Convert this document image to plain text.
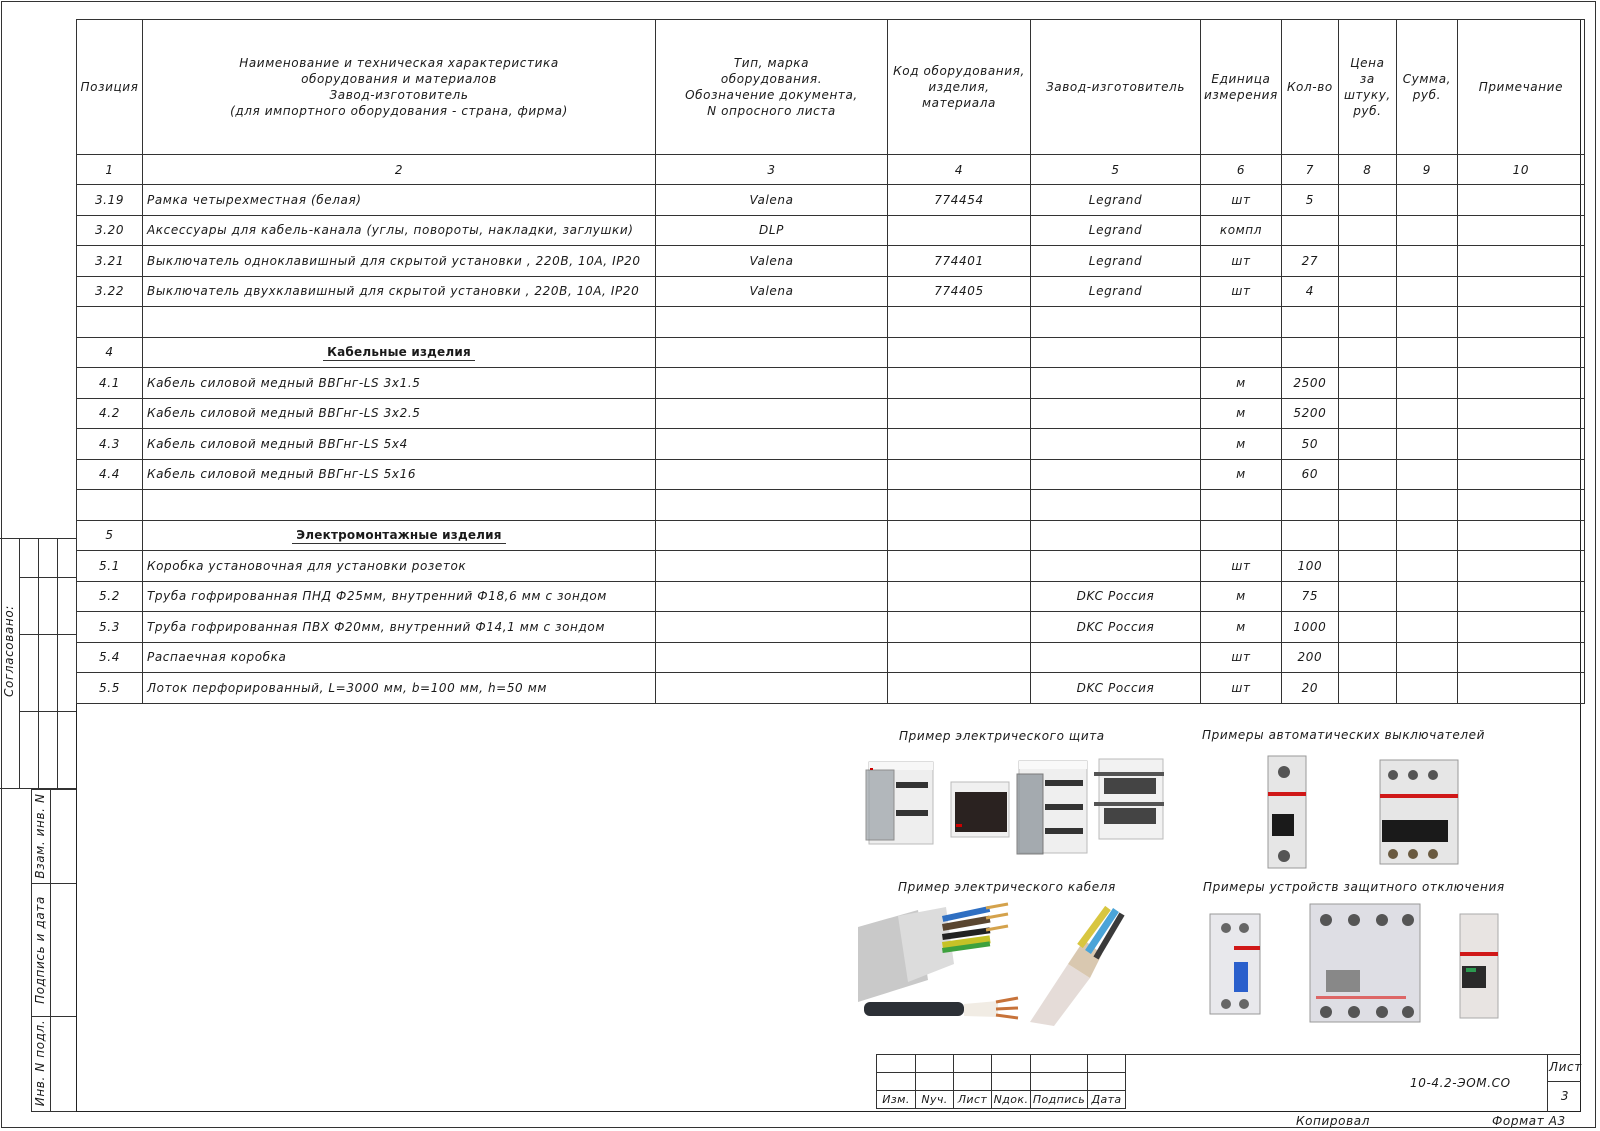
Позиция	Наименование и техническая характеристика
оборудования и материалов
Завод-изготовитель
(для импортного оборудования - страна, фирма)	Тип, марка
оборудования.
Обозначение документа,
N опросного листа	Код оборудования,
изделия,
материала	Завод-изготовитель	Единица
измерения	Кол-во	Цена за
штуку,
руб.	Сумма,
руб.	Примечание
1	2	3	4	5	6	7	8	9	10
3.19	Рамка четырехместная (белая)	Valena	774454	Legrand	шт	5			
3.20	Аксессуары для кабель-канала (углы, повороты, накладки, заглушки)	DLP		Legrand	компл				
3.21	Выключатель одноклавишный для скрытой установки , 220В, 10А, IP20	Valena	774401	Legrand	шт	27			
3.22	Выключатель двухклавишный для скрытой установки , 220В, 10А, IP20	Valena	774405	Legrand	шт	4			

4	Кабельные изделия								
4.1	Кабель силовой медный ВВГнг-LS 3x1.5				м	2500			
4.2	Кабель силовой медный ВВГнг-LS 3x2.5				м	5200			
4.3	Кабель силовой медный ВВГнг-LS 5x4				м	50			
4.4	Кабель силовой медный ВВГнг-LS 5x16				м	60			

5	Электромонтажные изделия								
5.1	Коробка установочная для установки розеток				шт	100			
5.2	Труба гофрированная ПНД Ф25мм, внутренний Ф18,6 мм с зондом			DKC Россия	м	75			
5.3	Труба гофрированная ПВХ Ф20мм, внутренний Ф14,1 мм с зондом			DKC Россия	м	1000			
5.4	Распаечная коробка				шт	200			
5.5	Лоток перфорированный, L=3000 мм, b=100 мм, h=50 мм			DKC Россия	шт	20			
Согласовано:
Взам. инв. N
Подпись и дата
Инв. N подл.
Пример электрического щита	Примеры автоматических выключателей
Пример электрического кабеля	Примеры устройств защитного отключения

Изм.	Nуч.	Лист	Nдок.	Подпись	Дата
10-4.2-ЭОМ.СО
Лист
3
Копировал	Формат А3
